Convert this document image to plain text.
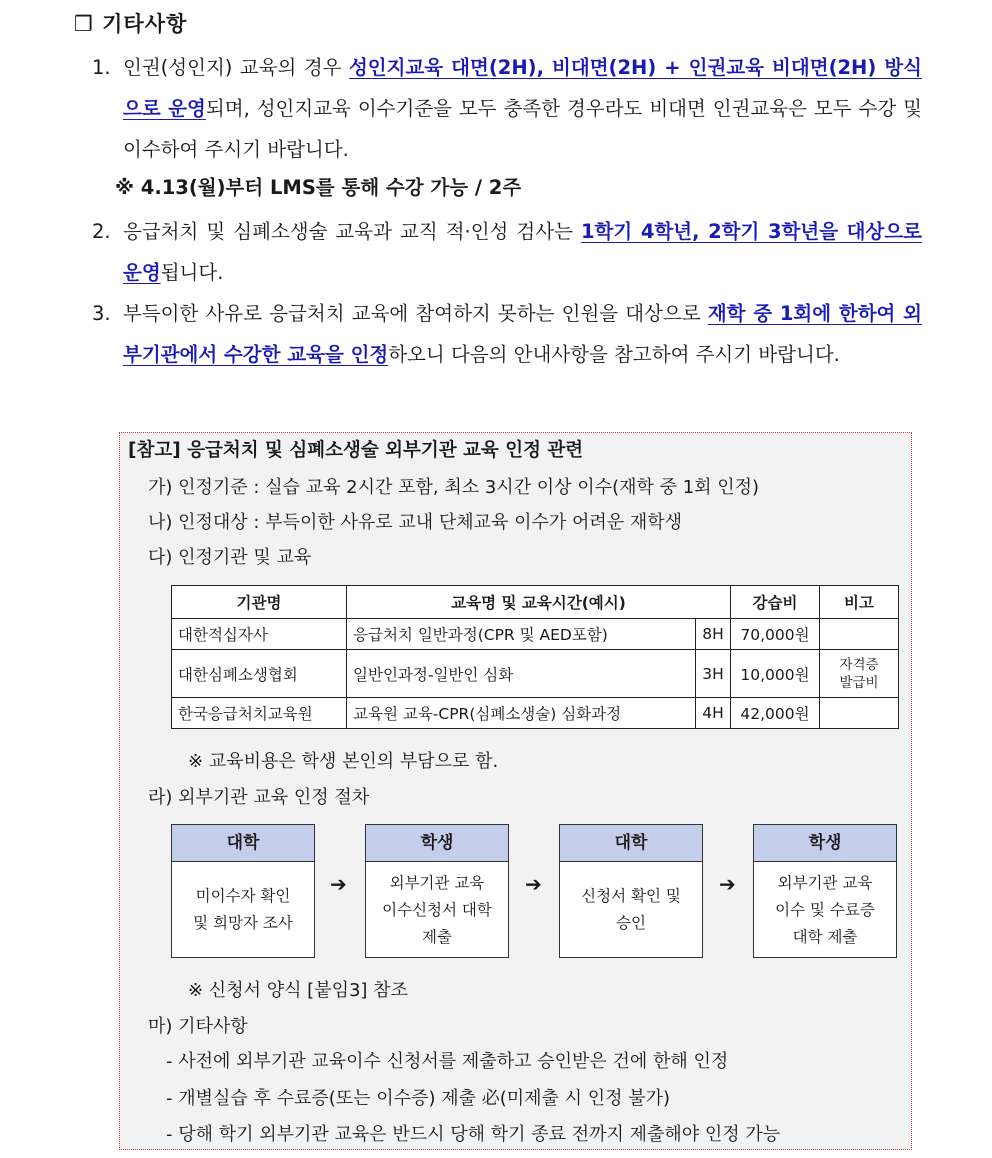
❒ 기타사항
1. 인권(성인지) 교육의 경우 성인지교육 대면(2H), 비대면(2H) + 인권교육 비대면(2H) 방식으로 운영되며, 성인지교육 이수기준을 모두 충족한 경우라도 비대면 인권교육은 모두 수강 및 이수하여 주시기 바랍니다.
※ 4.13(월)부터 LMS를 통해 수강 가능 / 2주
2. 응급처치 및 심폐소생술 교육과 교직 적·인성 검사는 1학기 4학년, 2학기 3학년을 대상으로 운영됩니다.
3. 부득이한 사유로 응급처치 교육에 참여하지 못하는 인원을 대상으로 재학 중 1회에 한하여 외부기관에서 수강한 교육을 인정하오니 다음의 안내사항을 참고하여 주시기 바랍니다.
[참고] 응급처치 및 심폐소생술 외부기관 교육 인정 관련
가) 인정기준 : 실습 교육 2시간 포함, 최소 3시간 이상 이수(재학 중 1회 인정)
나) 인정대상 : 부득이한 사유로 교내 단체교육 이수가 어려운 재학생
다) 인정기관 및 교육
기관명	교육명 및 교육시간(예시)		강습비	비고
대한적십자사	응급처치 일반과정(CPR 및 AED포함)	8H	70,000원	
대한심폐소생협회	일반인과정-일반인 심화	3H	10,000원	자격증
발급비
한국응급처치교육원	교육원 교육-CPR(심폐소생술) 심화과정	4H	42,000원	
※ 교육비용은 학생 본인의 부담으로 함.
라) 외부기관 교육 인정 절차
대학
미이수자 확인
및 희망자 조사
➔
학생
외부기관 교육
이수신청서 대학
제출
➔
대학
신청서 확인 및
승인
➔
학생
외부기관 교육
이수 및 수료증
대학 제출
※ 신청서 양식 [붙임3] 참조
마) 기타사항
- 사전에 외부기관 교육이수 신청서를 제출하고 승인받은 건에 한해 인정
- 개별실습 후 수료증(또는 이수증) 제출 必(미제출 시 인정 불가)
- 당해 학기 외부기관 교육은 반드시 당해 학기 종료 전까지 제출해야 인정 가능
